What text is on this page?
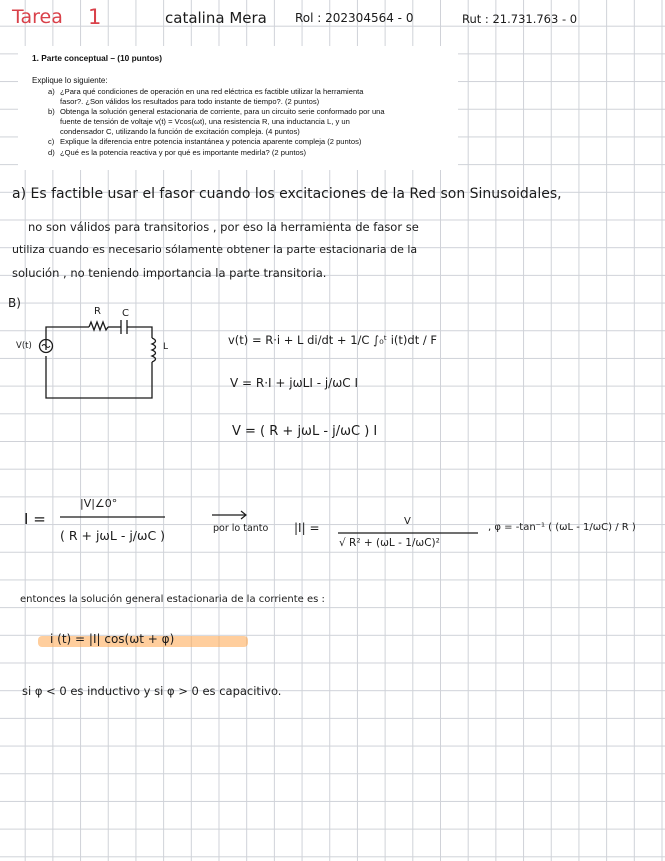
Tarea 1	catalina Mera Rol : 202304564 - 0	Rut : 21.731.763 - 0
1. Parte conceptual – (10 puntos)
Explique lo siguiente:
a) ¿Para qué condiciones de operación en una red eléctrica es factible utilizar la herramienta

fasor?. ¿Son válidos los resultados para todo instante de tiempo?. (2 puntos)

b) Obtenga la solución general estacionaria de corriente, para un circuito serie conformado por una

fuente de tensión de voltaje v(t) = Vcos(ωt), una resistencia R, una inductancia L, y un

condensador C, utilizando la función de excitación compleja. (4 puntos)

c) Explique la diferencia entre potencia instantánea y potencia aparente compleja (2 puntos)

d) ¿Qué es la potencia reactiva y por qué es importante medirla? (2 puntos)

a) Es factible usar el fasor cuando los excitaciones de la Red son Sinusoidales,
no son válidos para transitorios , por eso la herramienta de fasor se
utiliza cuando es necesario sólamente obtener la parte estacionaria de la
solución , no teniendo importancia la parte transitoria.
B)
R C
L
V(t)	v(t) = R·i + L di/dt + 1/C ∫₀ᵗ i(t)dt / F
V = R·I + jωLI - j/ωC I
V = ( R + jωL - j/ωC ) I
I =
|V|∠0°
( R + jωL - j/ωC )	por lo tanto |I| =	V
√ R² + (ωL - 1/ωC)²
, φ = -tan⁻¹ ( (ωL - 1/ωC) / R )
entonces la solución general estacionaria de la corriente es :
i (t) = |I| cos(ωt + φ)
si φ < 0 es inductivo y si φ > 0 es capacitivo.
